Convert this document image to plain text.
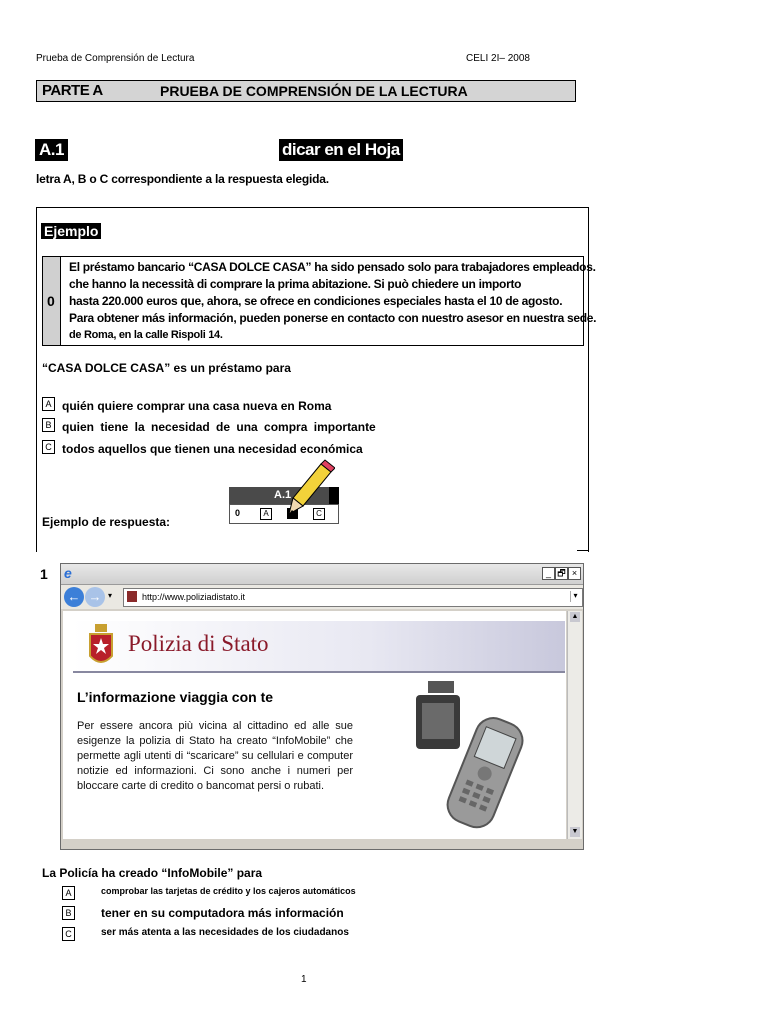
Prueba de Comprensión de Lectura	CELI 2I– 2008
PARTE A	PRUEBA DE COMPRENSIÓN DE LA LECTURA
A.1	dicar en el Hoja
letra A, B o C correspondiente a la respuesta elegida.
Ejemplo
0
El préstamo bancario “CASA DOLCE CASA” ha sido pensado solo para trabajadores empleados.
che hanno la necessità di comprare la prima abitazione. Si può chiedere un importo
hasta 220.000 euros que, ahora, se ofrece en condiciones especiales hasta el 10 de agosto.
Para obtener más información, pueden ponerse en contacto con nuestro asesor en nuestra sede.
de Roma, en la calle Rispoli 14.
“CASA DOLCE CASA” es un préstamo para
A quién quiere comprar una casa nueva en Roma
B quien tiene la necesidad de una compra importante
C todos aquellos que tienen una necesidad económica
A.1
0	A	C
Ejemplo de respuesta:
1 e	_ 🗗 ×
← → ▾	http://www.poliziadistato.it	▾
Polizia di Stato
L’informazione viaggia con te
Per essere ancora più vicina al cittadino ed alle sue esigenze la polizia di Stato ha creato “InfoMobile” che permette agli utenti di “scaricare” su cellulari e computer notizie ed informazioni. Ci sono anche i numeri per bloccare carte di credito o bancomat persi o rubati.
▲
▼
La Policía ha creado “InfoMobile” para
A	comprobar las tarjetas de crédito y los cajeros automáticos
B tener en su computadora más información
C	ser más atenta a las necesidades de los ciudadanos
1
